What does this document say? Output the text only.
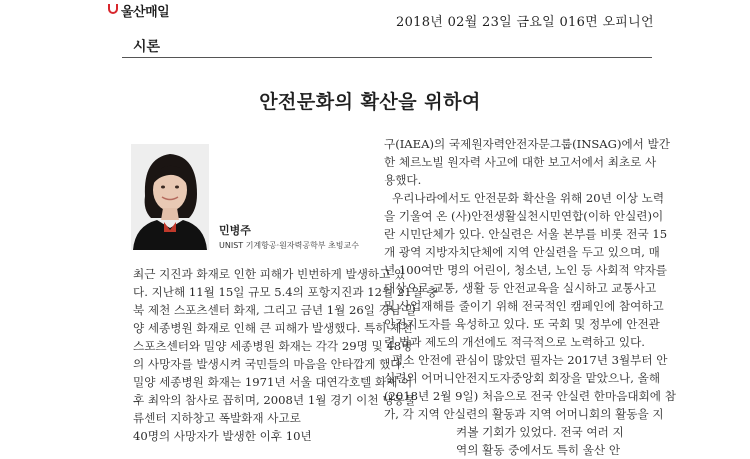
울산매일
2018년 02월 23일 금요일 016면 오피니언
시론
안전문화의 확산을 위하여
민병주
UNIST 기계항공·원자력공학부 초빙교수

최근 지진과 화재로 인한 피해가 빈번하게 발생하고 있

다. 지난해 11월 15일 규모 5.4의 포항지진과 12월 21일 충

북 제천 스포츠센터 화재, 그리고 금년 1월 26일 경남 밀

양 세종병원 화재로 인해 큰 피해가 발생했다. 특히 제천

스포츠센터와 밀양 세종병원 화재는 각각 29명 및 48명

의 사망자를 발생시켜 국민들의 마음을 안타깝게 했다.

밀양 세종병원 화재는 1971년 서울 대연각호텔 화재 이

후 최악의 참사로 꼽히며, 2008년 1월 경기 이천 냉동물

류센터 지하창고 폭발화재 사고로

40명의 사망자가 발생한 이후 10년

구(IAEA)의 국제원자력안전자문그룹(INSAG)에서 발간

한 체르노빌 원자력 사고에 대한 보고서에서 최초로 사

용했다.

우리나라에서도 안전문화 확산을 위해 20년 이상 노력

을 기울여 온 (사)안전생활실천시민연합(이하 안실련)이

란 시민단체가 있다. 안실련은 서울 본부를 비롯 전국 15

개 광역 지방자치단체에 지역 안실련을 두고 있으며, 매

년 100여만 명의 어린이, 청소년, 노인 등 사회적 약자를

대상으로 교통, 생활 등 안전교육을 실시하고 교통사고

및 산업재해를 줄이기 위해 전국적인 캠페인에 참여하고

안전지도자를 육성하고 있다. 또 국회 및 정부에 안전관

련 법과 제도의 개선에도 적극적으로 노력하고 있다.

평소 안전에 관심이 많았던 필자는 2017년 3월부터 안

실련의 어머니안전지도자중앙회 회장을 맡았으나, 올해

(2018년 2월 9일) 처음으로 전국 안실련 한마음대회에 참

가, 각 지역 안실련의 활동과 지역 어머니회의 활동을 지

켜볼 기회가 있었다. 전국 여러 지

역의 활동 중에서도 특히 울산 안
